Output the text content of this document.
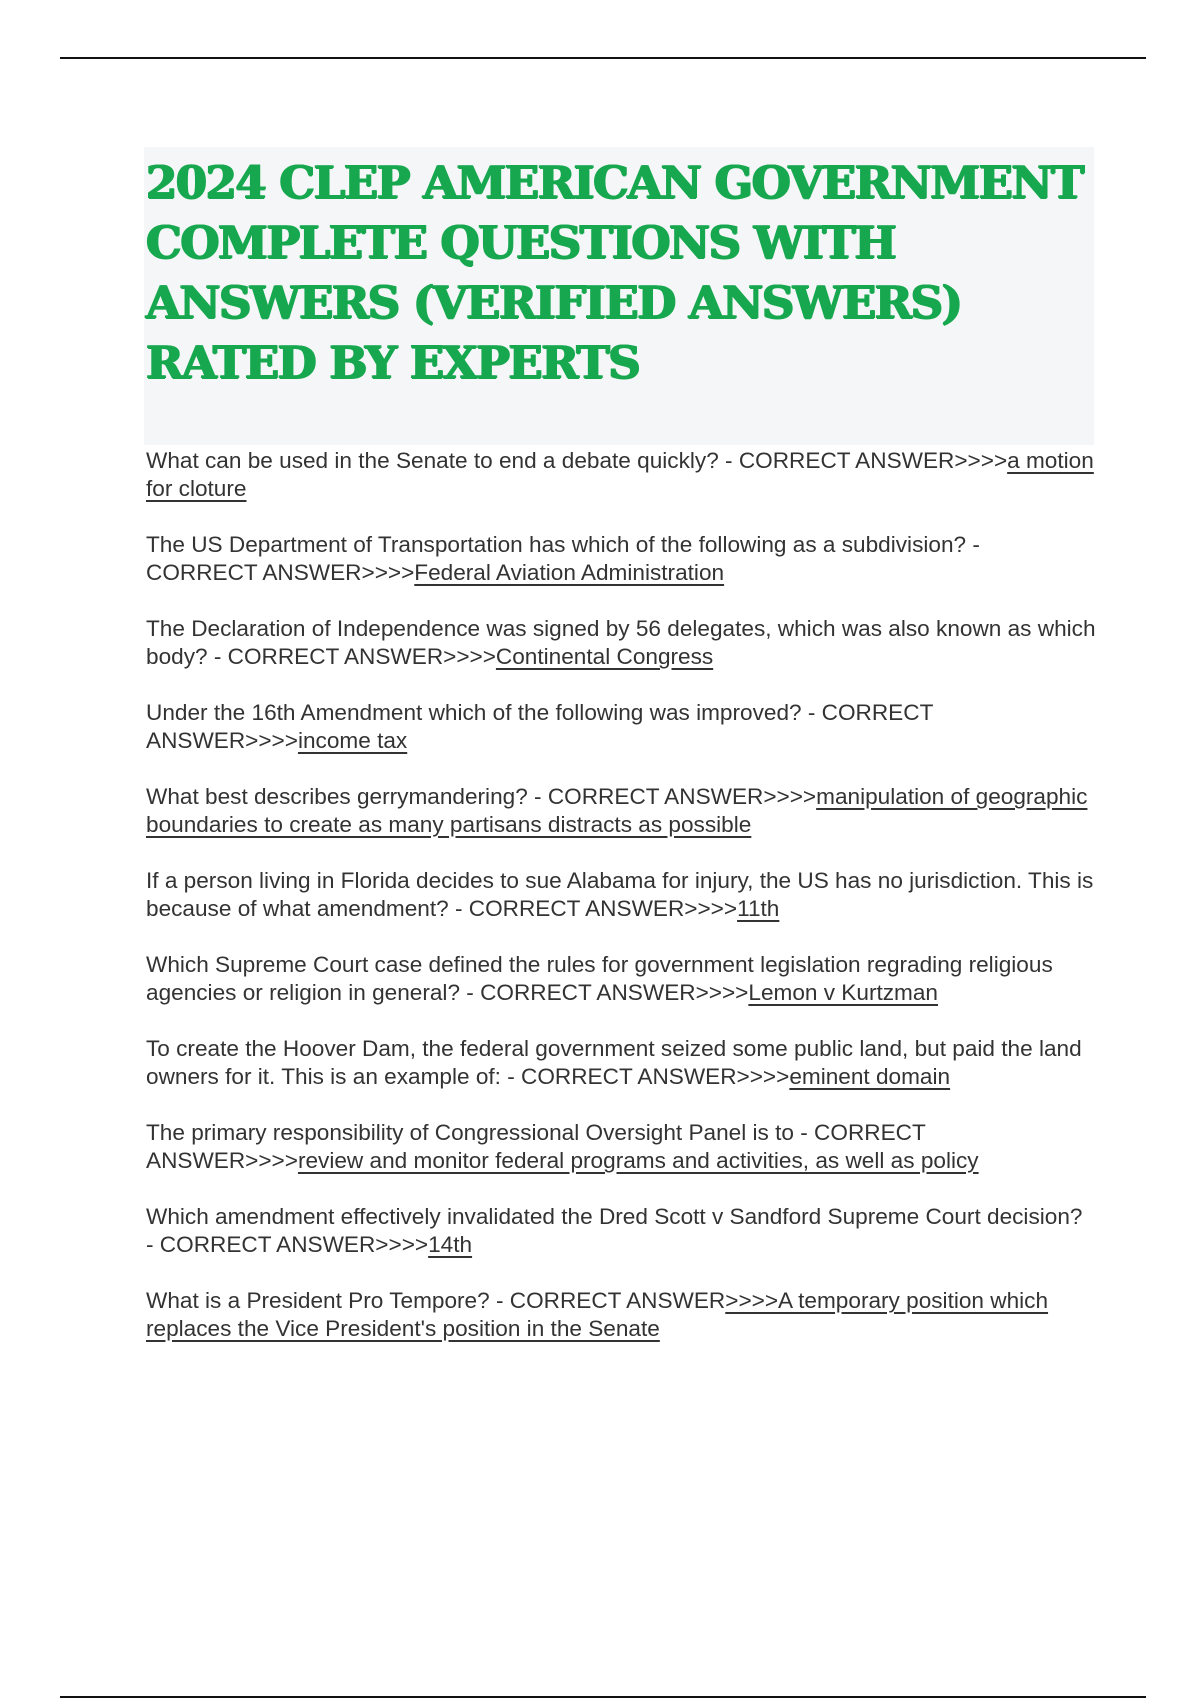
2024 CLEP AMERICAN GOVERNMENT COMPLETE QUESTIONS WITH ANSWERS (VERIFIED ANSWERS) RATED BY EXPERTS

What can be used in the Senate to end a debate quickly? - CORRECT ANSWER>>>>a motion for cloture

The US Department of Transportation has which of the following as a subdivision? - CORRECT ANSWER>>>>Federal Aviation Administration

The Declaration of Independence was signed by 56 delegates, which was also known as which body? - CORRECT ANSWER>>>>Continental Congress

Under the 16th Amendment which of the following was improved? - CORRECT ANSWER>>>>income tax

What best describes gerrymandering? - CORRECT ANSWER>>>>manipulation of geographic boundaries to create as many partisans distracts as possible

If a person living in Florida decides to sue Alabama for injury, the US has no jurisdiction. This is because of what amendment? - CORRECT ANSWER>>>>11th

Which Supreme Court case defined the rules for government legislation regrading religious agencies or religion in general? - CORRECT ANSWER>>>>Lemon v Kurtzman

To create the Hoover Dam, the federal government seized some public land, but paid the land owners for it. This is an example of: - CORRECT ANSWER>>>>eminent domain

The primary responsibility of Congressional Oversight Panel is to - CORRECT ANSWER>>>>review and monitor federal programs and activities, as well as policy

Which amendment effectively invalidated the Dred Scott v Sandford Supreme Court decision? - CORRECT ANSWER>>>>14th

What is a President Pro Tempore? - CORRECT ANSWER>>>>A temporary position which replaces the Vice President's position in the Senate
